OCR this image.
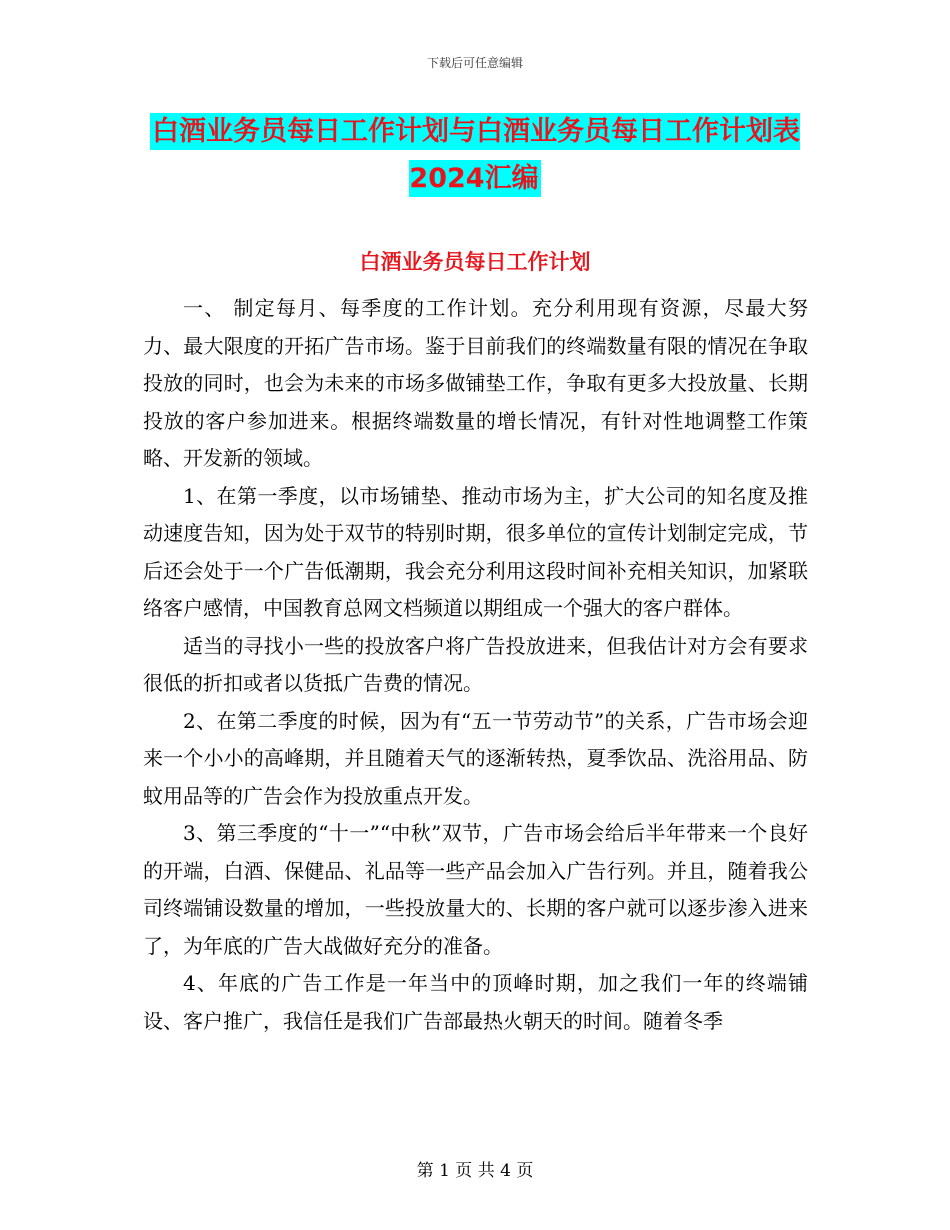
下载后可任意编辑
白酒业务员每日工作计划与白酒业务员每日工作计划表2024汇编
白酒业务员每日工作计划

一、 制定每月、每季度的工作计划。充分利用现有资源，尽最大努力、最大限度的开拓广告市场。鉴于目前我们的终端数量有限的情况在争取投放的同时，也会为未来的市场多做铺垫工作，争取有更多大投放量、长期投放的客户参加进来。根据终端数量的增长情况，有针对性地调整工作策略、开发新的领域。

1、在第一季度，以市场铺垫、推动市场为主，扩大公司的知名度及推动速度告知，因为处于双节的特别时期，很多单位的宣传计划制定完成，节后还会处于一个广告低潮期，我会充分利用这段时间补充相关知识，加紧联络客户感情，中国教育总网文档频道以期组成一个强大的客户群体。

适当的寻找小一些的投放客户将广告投放进来，但我估计对方会有要求很低的折扣或者以货抵广告费的情况。

2、在第二季度的时候，因为有“五一节劳动节”的关系，广告市场会迎来一个小小的高峰期，并且随着天气的逐渐转热，夏季饮品、洗浴用品、防蚊用品等的广告会作为投放重点开发。

3、第三季度的“十一”“中秋”双节，广告市场会给后半年带来一个良好的开端，白酒、保健品、礼品等一些产品会加入广告行列。并且，随着我公司终端铺设数量的增加，一些投放量大的、长期的客户就可以逐步渗入进来了，为年底的广告大战做好充分的准备。

4、年底的广告工作是一年当中的顶峰时期，加之我们一年的终端铺设、客户推广，我信任是我们广告部最热火朝天的时间。随着冬季

第 1 页 共 4 页
